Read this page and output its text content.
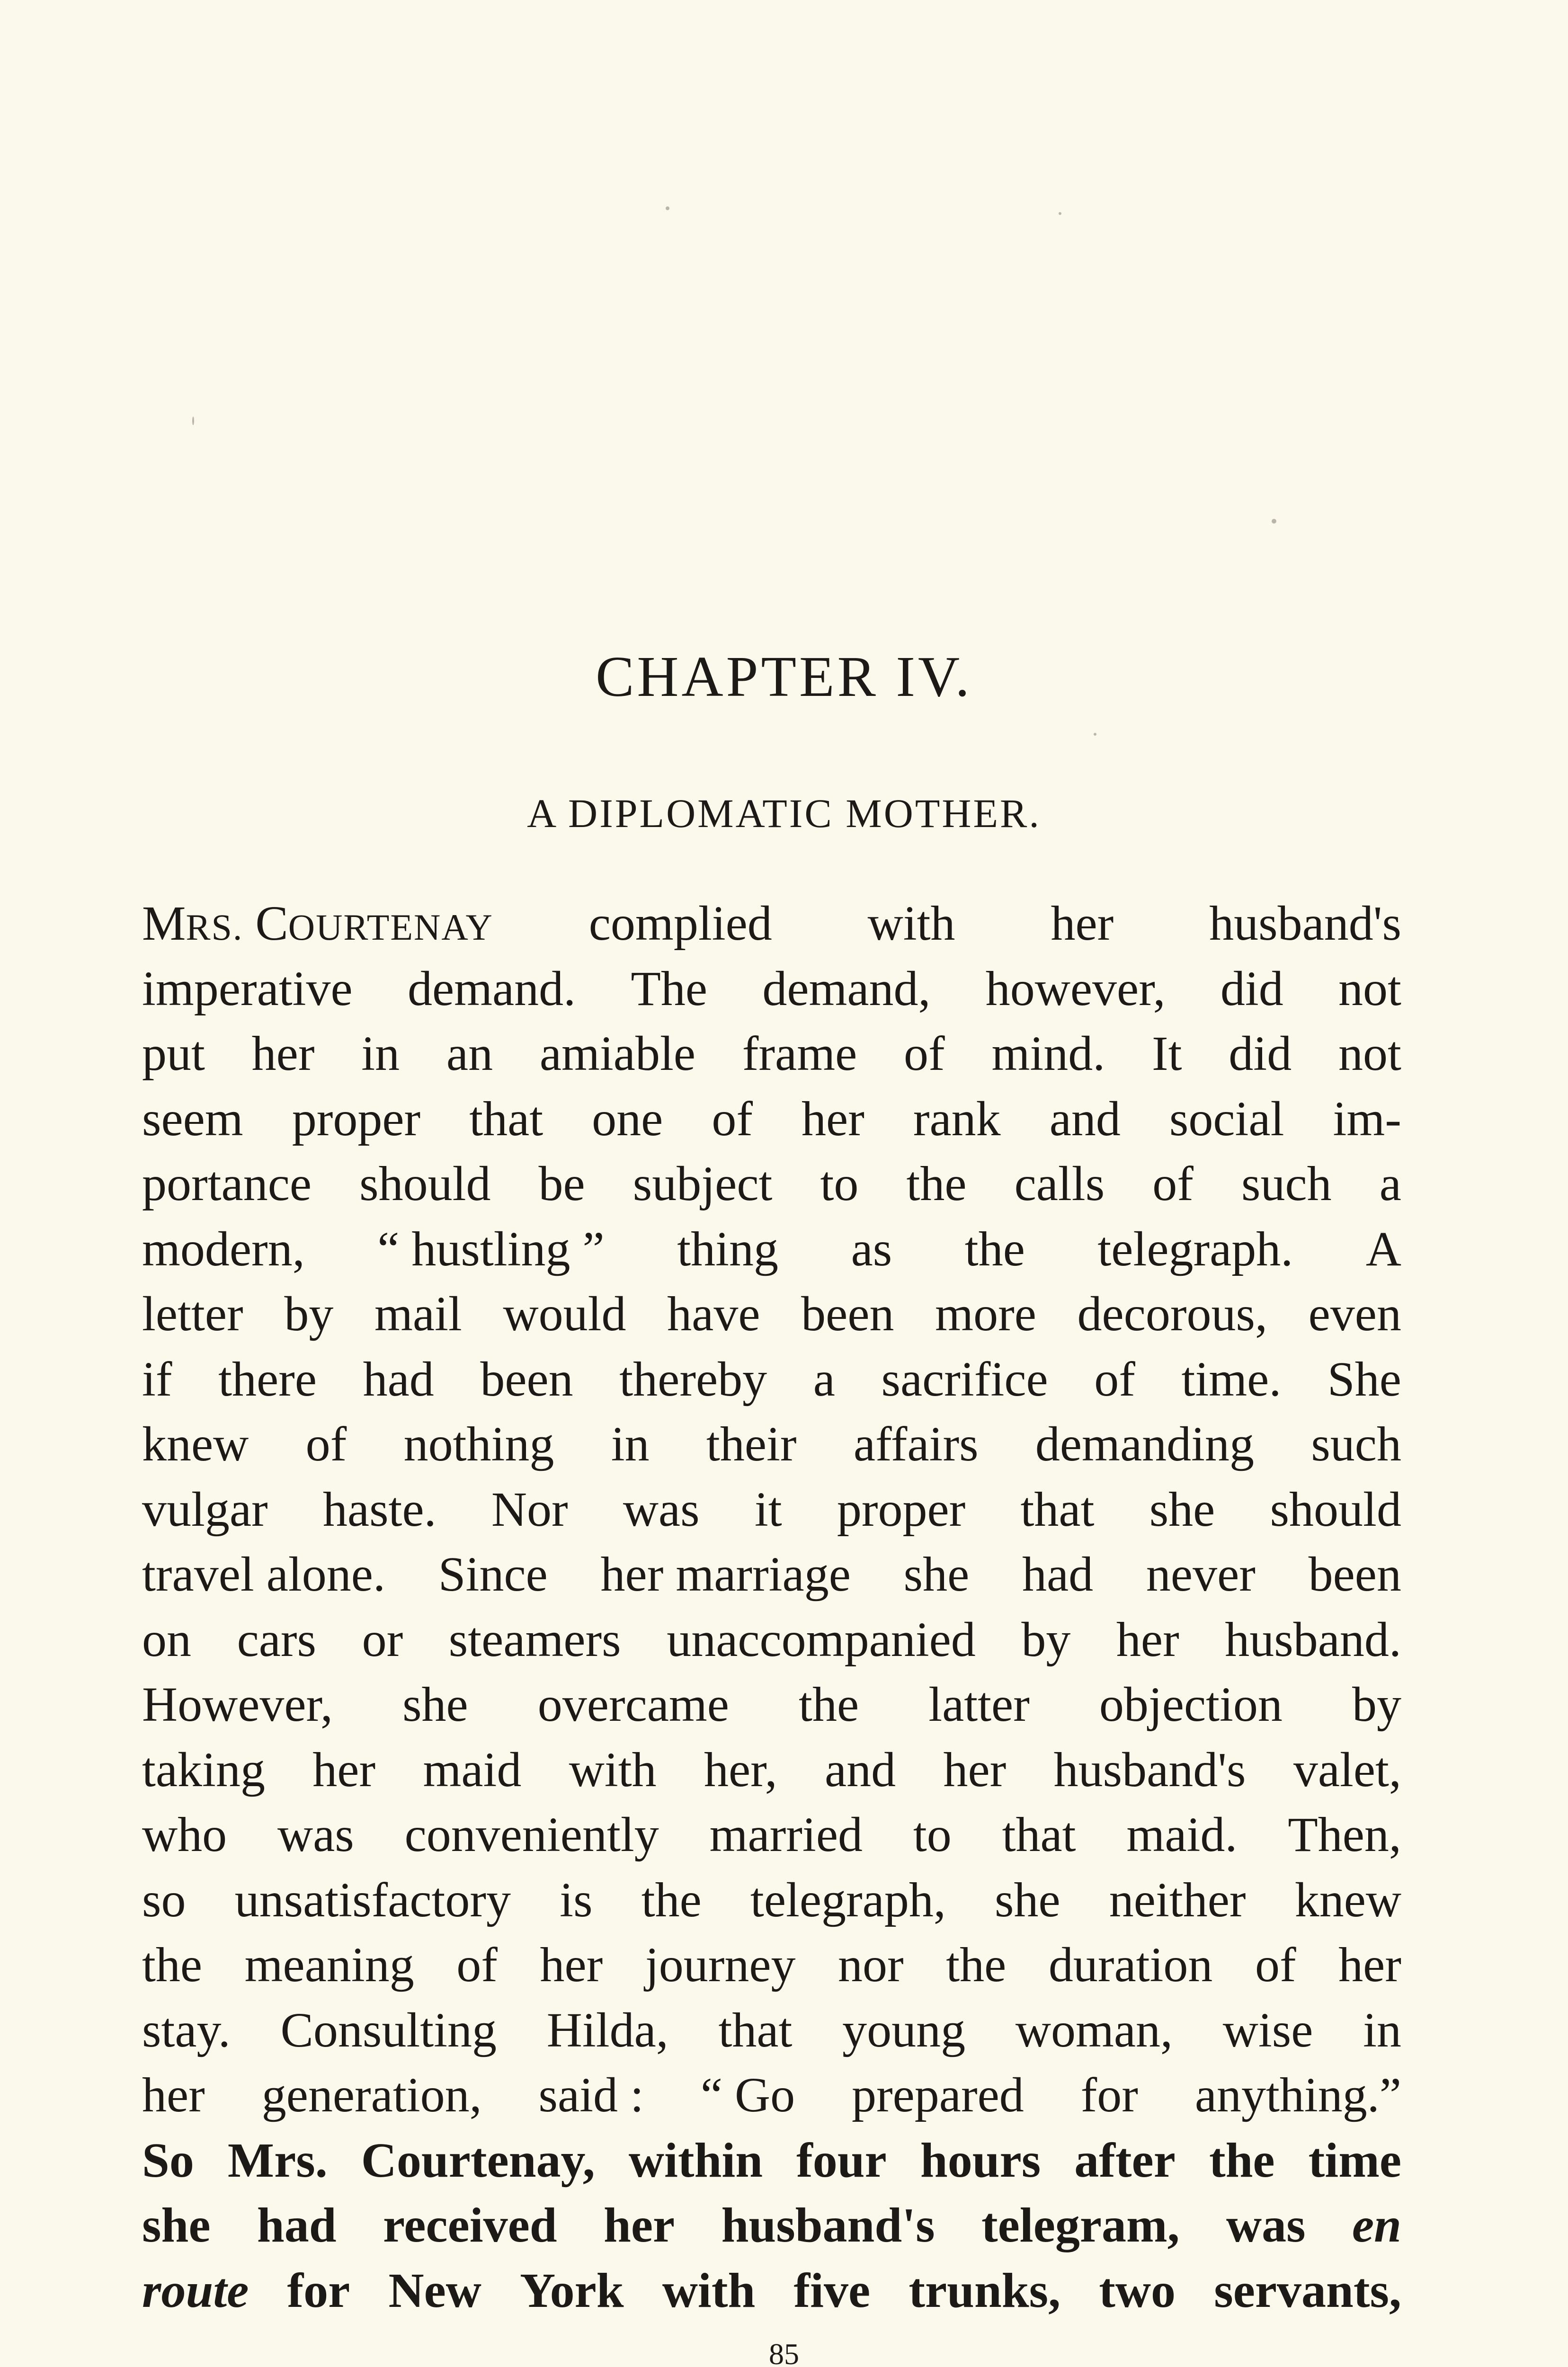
CHAPTER IV.
A DIPLOMATIC MOTHER.
MRS. COURTENAY complied with her husband's
imperative demand. The demand, however, did not
put her in an amiable frame of mind. It did not
seem proper that one of her rank and social im-
portance should be subject to the calls of such a
modern, “ hustling ” thing as the telegraph. A
letter by mail would have been more decorous, even
if there had been thereby a sacrifice of time. She
knew of nothing in their affairs demanding such
vulgar haste. Nor was it proper that she should
travel alone. Since her marriage she had never been
on cars or steamers unaccompanied by her husband.
However, she overcame the latter objection by
taking her maid with her, and her husband's valet,
who was conveniently married to that maid. Then,
so unsatisfactory is the telegraph, she neither knew
the meaning of her journey nor the duration of her
stay. Consulting Hilda, that young woman, wise in
her generation, said : “ Go prepared for anything.”
So Mrs. Courtenay, within four hours after the time
she had received her husband's telegram, was en
route for New York with five trunks, two servants,

85
